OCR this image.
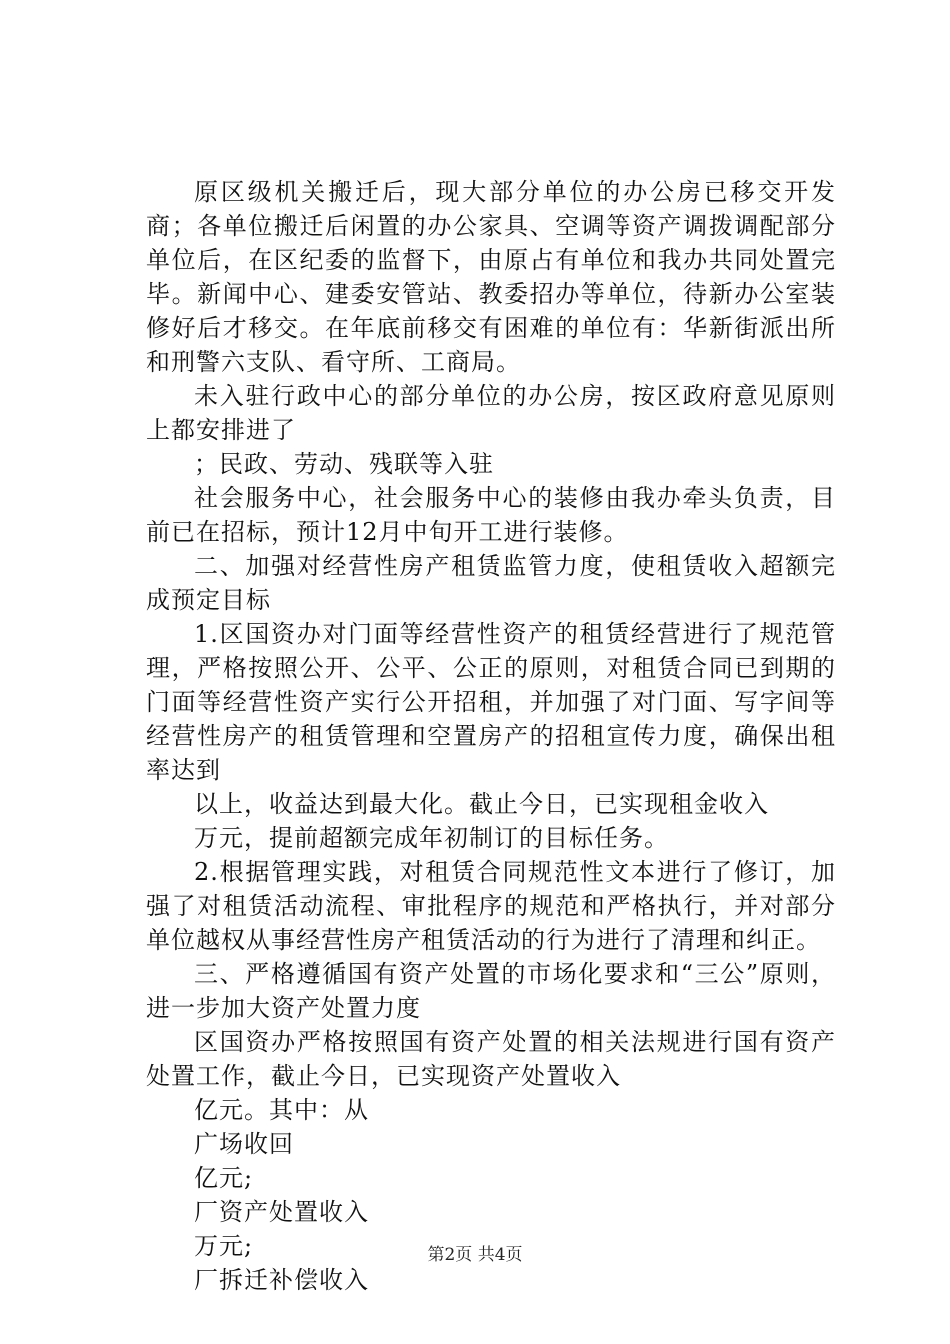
原区级机关搬迁后，现大部分单位的办公房已移交开发商；各单位搬迁后闲置的办公家具、空调等资产调拨调配部分单位后，在区纪委的监督下，由原占有单位和我办共同处置完毕。新闻中心、建委安管站、教委招办等单位，待新办公室装修好后才移交。在年底前移交有困难的单位有：华新街派出所和刑警六支队、看守所、工商局。

未入驻行政中心的部分单位的办公房，按区政府意见原则上都安排进了

；民政、劳动、残联等入驻

社会服务中心，社会服务中心的装修由我办牵头负责，目前已在招标，预计12月中旬开工进行装修。

二、加强对经营性房产租赁监管力度，使租赁收入超额完成预定目标

1.区国资办对门面等经营性资产的租赁经营进行了规范管理，严格按照公开、公平、公正的原则，对租赁合同已到期的门面等经营性资产实行公开招租，并加强了对门面、写字间等经营性房产的租赁管理和空置房产的招租宣传力度，确保出租率达到

以上，收益达到最大化。截止今日，已实现租金收入

万元，提前超额完成年初制订的目标任务。

2.根据管理实践，对租赁合同规范性文本进行了修订，加强了对租赁活动流程、审批程序的规范和严格执行，并对部分单位越权从事经营性房产租赁活动的行为进行了清理和纠正。

三、严格遵循国有资产处置的市场化要求和“三公”原则，进一步加大资产处置力度

区国资办严格按照国有资产处置的相关法规进行国有资产处置工作，截止今日，已实现资产处置收入

亿元。其中：从

广场收回

亿元;

厂资产处置收入

万元;

厂拆迁补偿收入

第2页 共4页
